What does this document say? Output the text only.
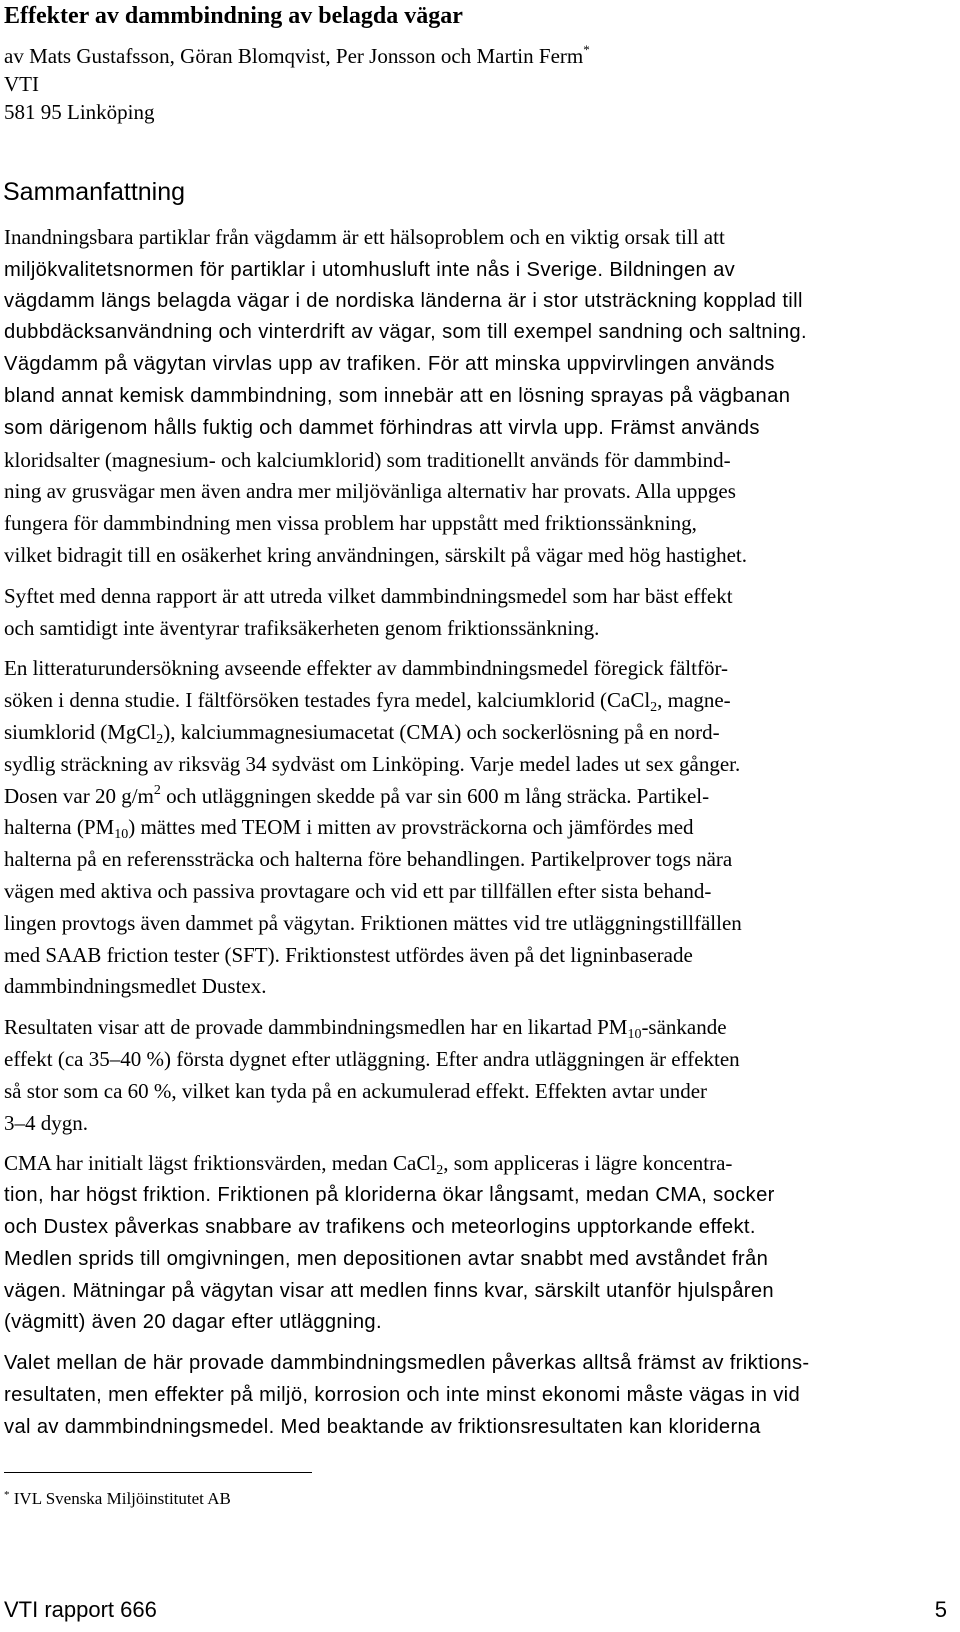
Effekter av dammbindning av belagda vägar
av Mats Gustafsson, Göran Blomqvist, Per Jonsson och Martin Ferm*
VTI
581 95 Linköping
Sammanfattning
Inandningsbara partiklar från vägdamm är ett hälsoproblem och en viktig orsak till att
miljökvalitetsnormen för partiklar i utomhusluft inte nås i Sverige. Bildningen av
vägdamm längs belagda vägar i de nordiska länderna är i stor utsträckning kopplad till
dubbdäcksanvändning och vinterdrift av vägar, som till exempel sandning och saltning.
Vägdamm på vägytan virvlas upp av trafiken. För att minska uppvirvlingen används
bland annat kemisk dammbindning, som innebär att en lösning sprayas på vägbanan
som därigenom hålls fuktig och dammet förhindras att virvla upp. Främst används
kloridsalter (magnesium- och kalciumklorid) som traditionellt används för dammbind-
ning av grusvägar men även andra mer miljövänliga alternativ har provats. Alla uppges
fungera för dammbindning men vissa problem har uppstått med friktionssänkning,
vilket bidragit till en osäkerhet kring användningen, särskilt på vägar med hög hastighet.
Syftet med denna rapport är att utreda vilket dammbindningsmedel som har bäst effekt
och samtidigt inte äventyrar trafiksäkerheten genom friktionssänkning.
En litteraturundersökning avseende effekter av dammbindningsmedel föregick fältför-
söken i denna studie. I fältförsöken testades fyra medel, kalciumklorid (CaCl$_2$, magne-
siumklorid (MgCl$_2$), kalciummagnesiumacetat (CMA) och sockerlösning på en nord-
sydlig sträckning av riksväg 34 sydväst om Linköping. Varje medel lades ut sex gånger.
Dosen var 20 $g/m^2$ och utläggningen skedde på var sin 600 m lång sträcka. Partikel-
halterna $(PM_{10})$ mättes med TEOM i mitten av provsträckorna och jämfördes med
halterna på en referenssträcka och halterna före behandlingen. Partikelprover togs nära
vägen med aktiva och passiva provtagare och vid ett par tillfällen efter sista behand-
lingen provtogs även dammet på vägytan. Friktionen mättes vid tre utläggningstillfällen
med SAAB friction tester (SFT). Friktionstest utfördes även på det ligninbaserade
dammbindningsmedlet Dustex.
Resultaten visar att de provade dammbindningsmedlen har en likartad $PM_{10}$-sänkande
effekt (ca 35–40 %) första dygnet efter utläggning. Efter andra utläggningen är effekten
så stor som ca 60 %, vilket kan tyda på en ackumulerad effekt. Effekten avtar under
3–4 dygn.
CMA har initialt lägst friktionsvärden, medan CaCl$_2$, som appliceras i lägre koncentra-
tion, har högst friktion. Friktionen på kloriderna ökar långsamt, medan CMA, socker
och Dustex påverkas snabbare av trafikens och meteorlogins upptorkande effekt.
Medlen sprids till omgivningen, men depositionen avtar snabbt med avståndet från
vägen. Mätningar på vägytan visar att medlen finns kvar, särskilt utanför hjulspåren
(vägmitt) även 20 dagar efter utläggning.
Valet mellan de här provade dammbindningsmedlen påverkas alltså främst av friktions-
resultaten, men effekter på miljö, korrosion och inte minst ekonomi måste vägas in vid
val av dammbindningsmedel. Med beaktande av friktionsresultaten kan kloriderna
* IVL Svenska Miljöinstitutet AB
VTI rapport 666	5
